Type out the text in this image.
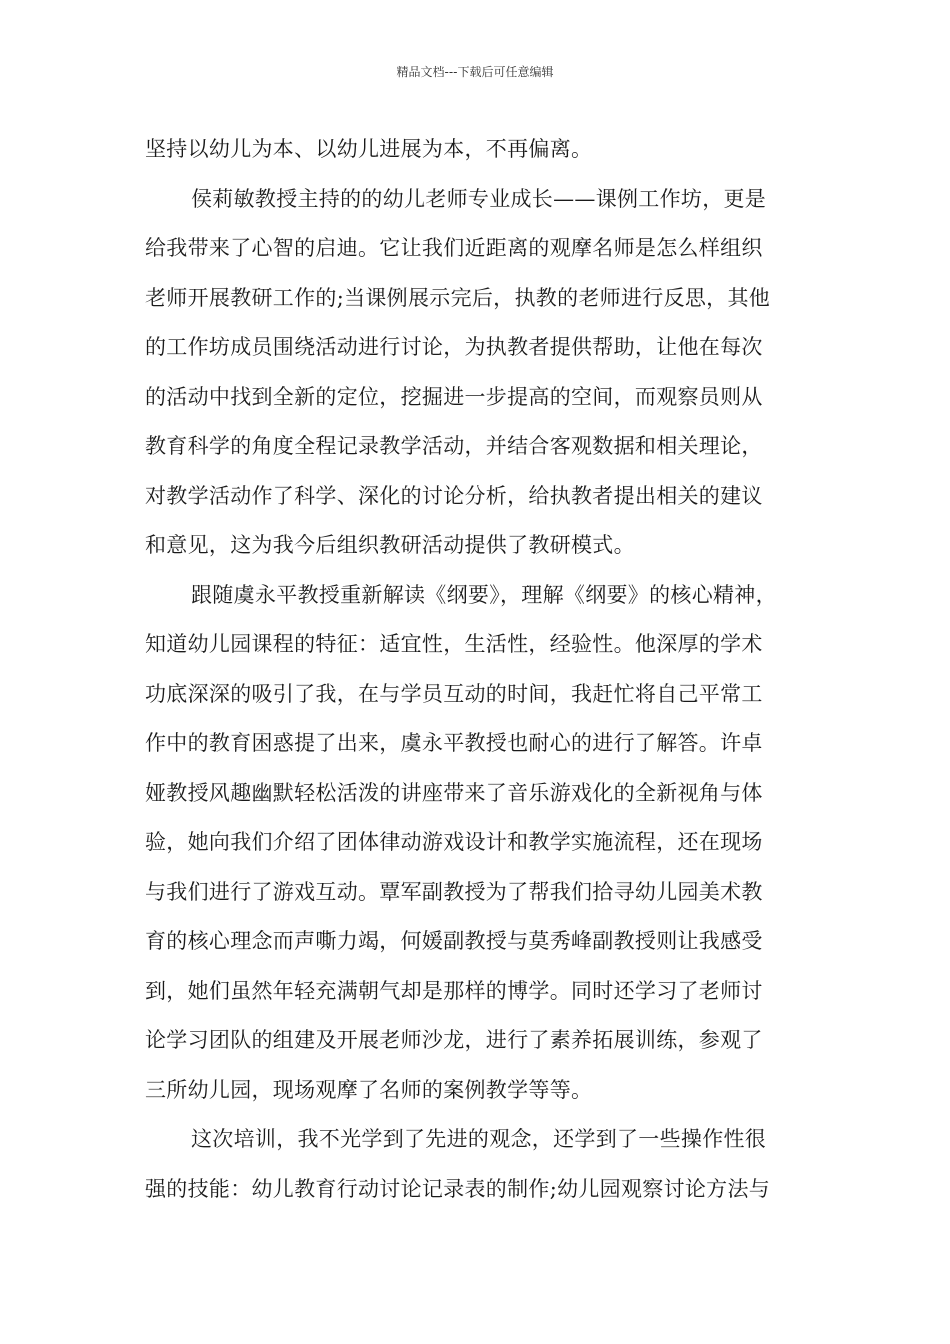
精品文档---下载后可任意编辑
坚持以幼儿为本、以幼儿进展为本，不再偏离。
侯莉敏教授主持的的幼儿老师专业成长——课例工作坊，更是
给我带来了心智的启迪。它让我们近距离的观摩名师是怎么样组织
老师开展教研工作的;当课例展示完后，执教的老师进行反思，其他
的工作坊成员围绕活动进行讨论，为执教者提供帮助，让他在每次
的活动中找到全新的定位，挖掘进一步提高的空间，而观察员则从
教育科学的角度全程记录教学活动，并结合客观数据和相关理论，
对教学活动作了科学、深化的讨论分析，给执教者提出相关的建议
和意见，这为我今后组织教研活动提供了教研模式。
跟随虞永平教授重新解读《纲要》，理解《纲要》的核心精神，
知道幼儿园课程的特征：适宜性，生活性，经验性。他深厚的学术
功底深深的吸引了我，在与学员互动的时间，我赶忙将自己平常工
作中的教育困惑提了出来，虞永平教授也耐心的进行了解答。许卓
娅教授风趣幽默轻松活泼的讲座带来了音乐游戏化的全新视角与体
验，她向我们介绍了团体律动游戏设计和教学实施流程，还在现场
与我们进行了游戏互动。覃军副教授为了帮我们拾寻幼儿园美术教
育的核心理念而声嘶力竭，何媛副教授与莫秀峰副教授则让我感受
到，她们虽然年轻充满朝气却是那样的博学。同时还学习了老师讨
论学习团队的组建及开展老师沙龙，进行了素养拓展训练，参观了
三所幼儿园，现场观摩了名师的案例教学等等。
这次培训，我不光学到了先进的观念，还学到了一些操作性很
强的技能：幼儿教育行动讨论记录表的制作;幼儿园观察讨论方法与
